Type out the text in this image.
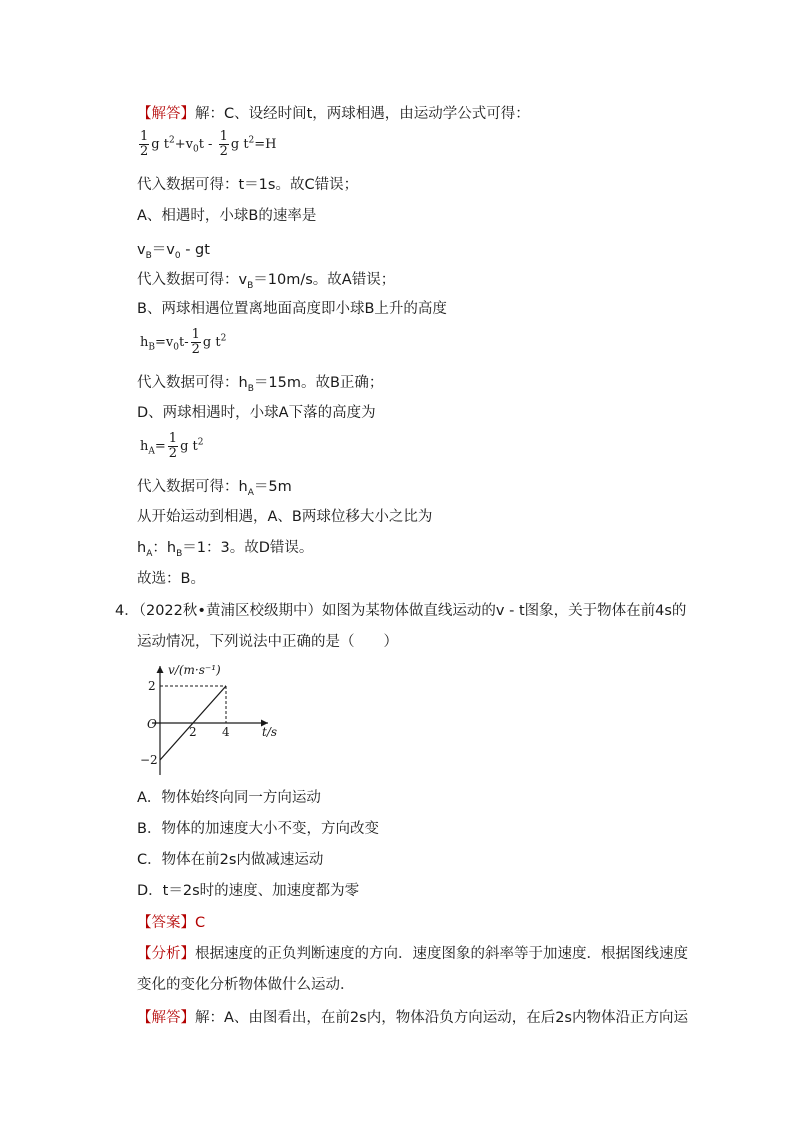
【解答】解：C、设经时间t，两球相遇，由运动学公式可得：
$\frac{1}{2}$ g $t^2+v_0t - \frac{1}{2}$ g $t^2=H$
代入数据可得：t＝1s。故C错误；
A、相遇时，小球B的速率是
$v_B=v_0$ - gt
代入数据可得：$v_B=10m/s$。故A错误；
B、两球相遇位置离地面高度即小球B上升的高度
$h_B=v_0t- \frac{1}{2}$ g $t^2$
代入数据可得：$h_B=15m$。故B正确；
D、两球相遇时，小球A下落的高度为
$h_A= \frac{1}{2}$ g $t^2$
代入数据可得：$h_A=5m$
从开始运动到相遇，A、B两球位移大小之比为
$h_A$：$h_B=1$：3。故D错误。
故选：B。
4．（2022秋•黄浦区校级期中）如图为某物体做直线运动的v - t图象，关于物体在前4s的
运动情况，下列说法中正确的是（　　）
2 4
2
−2
v/(m·s⁻¹)
t/s
O
A．物体始终向同一方向运动
B．物体的加速度大小不变，方向改变
C．物体在前2s内做减速运动
D．t＝2s时的速度、加速度都为零
【答案】C
【分析】根据速度的正负判断速度的方向．速度图象的斜率等于加速度．根据图线速度
变化的变化分析物体做什么运动．
【解答】解：A、由图看出，在前2s内，物体沿负方向运动，在后2s内物体沿正方向运
